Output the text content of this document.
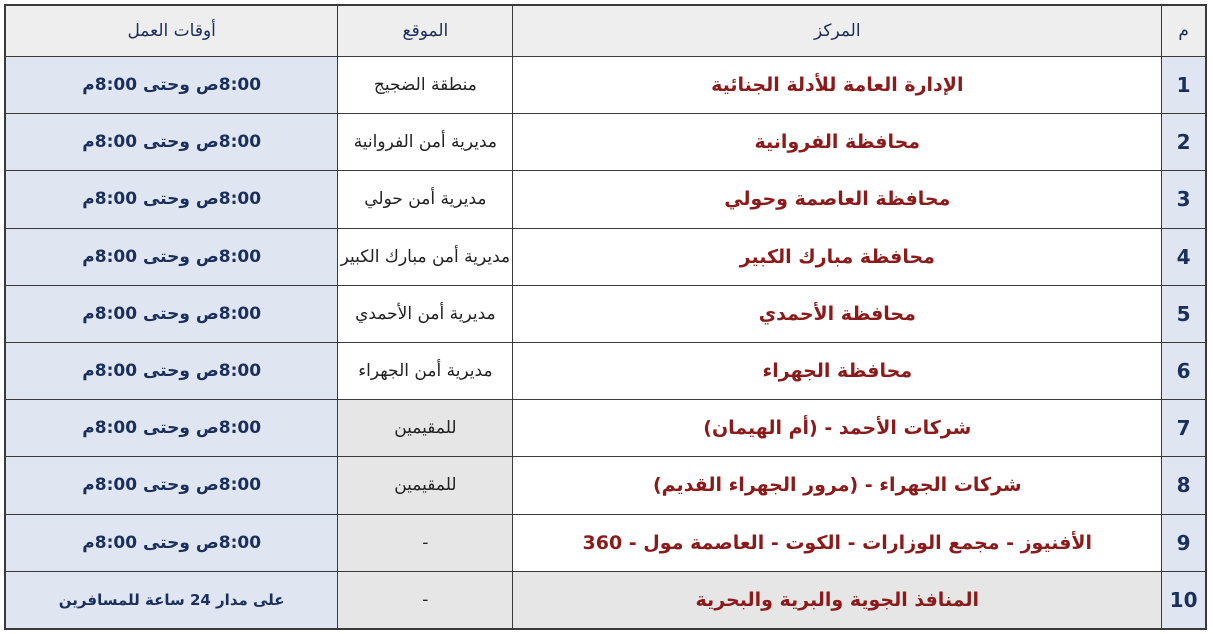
م	المركز	الموقع	أوقات العمل
1	الإدارة العامة للأدلة الجنائية	منطقة الضجيج	8:00ص وحتى 8:00م
2	محافظة الفروانية	مديرية أمن الفروانية	8:00ص وحتى 8:00م
3	محافظة العاصمة وحولي	مديرية أمن حولي	8:00ص وحتى 8:00م
4	محافظة مبارك الكبير	مديرية أمن مبارك الكبير	8:00ص وحتى 8:00م
5	محافظة الأحمدي	مديرية أمن الأحمدي	8:00ص وحتى 8:00م
6	محافظة الجهراء	مديرية أمن الجهراء	8:00ص وحتى 8:00م
7	شركات الأحمد - (أم الهيمان)	للمقيمين	8:00ص وحتى 8:00م
8	شركات الجهراء - (مرور الجهراء القديم)	للمقيمين	8:00ص وحتى 8:00م
9	الأفنيوز - مجمع الوزارات - الكوت - العاصمة مول - 360	-	8:00ص وحتى 8:00م
10	المنافذ الجوية والبرية والبحرية	-	على مدار 24 ساعة للمسافرين
